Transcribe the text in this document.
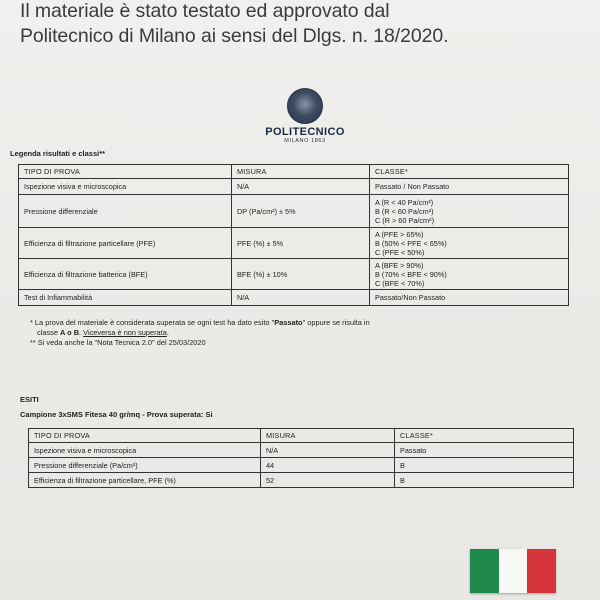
Il materiale è stato testato ed approvato dal
Politecnico di Milano ai sensi del Dlgs. n. 18/2020.
POLITECNICO
MILANO 1863
Legenda risultati e classi**
TIPO DI PROVA	MISURA	CLASSE*
Ispezione visiva e microscopica	N/A	Passato / Non Passato

Pressione differenziale	DP (Pa/cm²) ± 5%	A (R < 40 Pa/cm²)
B (R < 60 Pa/cm²)
C (R > 60 Pa/cm²)

Efficienza di filtrazione particellare (PFE)	PFE (%) ± 5%	A (PFE > 65%)
B (50% < PFE < 65%)
C (PFE < 50%)

Efficienza di filtrazione batterica (BFE)	BFE (%) ± 10%	A (BFE > 90%)
B (70% < BFE < 90%)
C (BFE < 70%)

Test di Infiammabilità	N/A	Passato/Non Passato
* La prova del materiale è considerata superata se ogni test ha dato esito "Passato" oppure se risulta in
classe A o B. Viceversa è non superata.
** Si veda anche la "Nota Tecnica 2.0" del 25/03/2020
ESITI
Campione 3xSMS Fitesa 40 gr/mq - Prova superata: Si
TIPO DI PROVA	MISURA	CLASSE*
Ispezione visiva e microscopica	N/A	Passato
Pressione differenziale (Pa/cm²)	44	B
Efficienza di filtrazione particellare, PFE (%)	52	B
